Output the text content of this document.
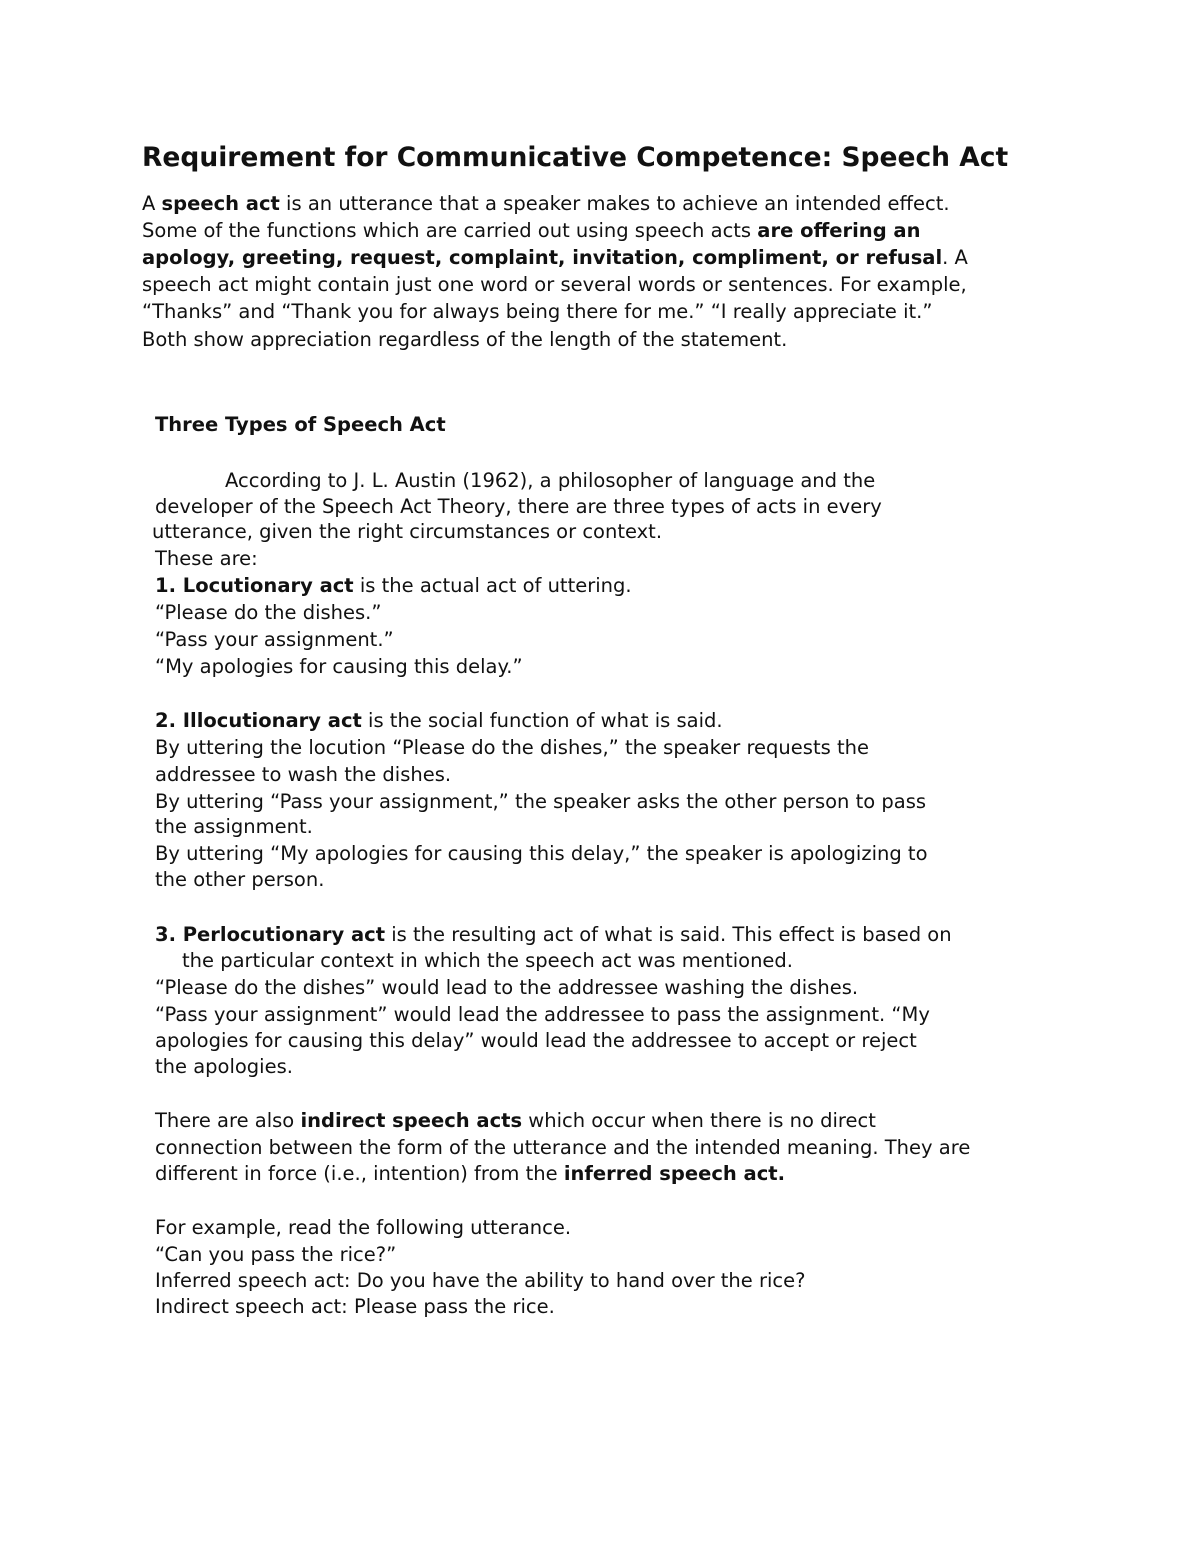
Requirement for Communicative Competence: Speech Act

A speech act is an utterance that a speaker makes to achieve an intended effect.

Some of the functions which are carried out using speech acts are offering an

apology, greeting, request, complaint, invitation, compliment, or refusal. A

speech act might contain just one word or several words or sentences. For example,

“Thanks” and “Thank you for always being there for me.” “I really appreciate it.”

Both show appreciation regardless of the length of the statement.

Three Types of Speech Act

According to J. L. Austin (1962), a philosopher of language and the

developer of the Speech Act Theory, there are three types of acts in every

utterance, given the right circumstances or context.

These are:

1. Locutionary act is the actual act of uttering.

“Please do the dishes.”

“Pass your assignment.”

“My apologies for causing this delay.”

2. Illocutionary act is the social function of what is said.

By uttering the locution “Please do the dishes,” the speaker requests the

addressee to wash the dishes.

By uttering “Pass your assignment,” the speaker asks the other person to pass

the assignment.

By uttering “My apologies for causing this delay,” the speaker is apologizing to

the other person.

3. Perlocutionary act is the resulting act of what is said. This effect is based on

the particular context in which the speech act was mentioned.

“Please do the dishes” would lead to the addressee washing the dishes.

“Pass your assignment” would lead the addressee to pass the assignment. “My

apologies for causing this delay” would lead the addressee to accept or reject

the apologies.

There are also indirect speech acts which occur when there is no direct

connection between the form of the utterance and the intended meaning. They are

different in force (i.e., intention) from the inferred speech act.

For example, read the following utterance.

“Can you pass the rice?”

Inferred speech act: Do you have the ability to hand over the rice?

Indirect speech act: Please pass the rice.
